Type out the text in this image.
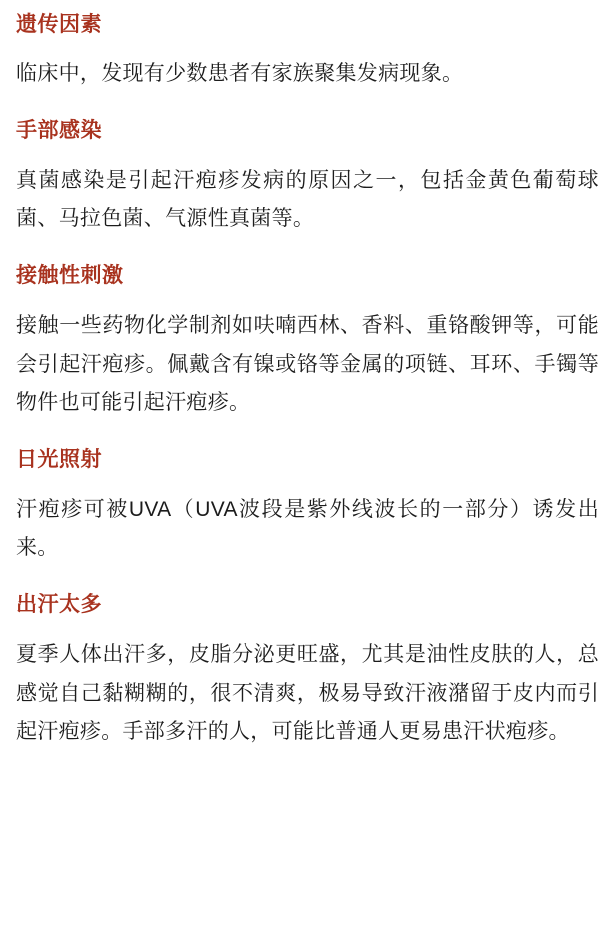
遗传因素

临床中，发现有少数患者有家族聚集发病现象。

手部感染

真菌感染是引起汗疱疹发病的原因之一，包括金黄色葡萄球菌、马拉色菌、气源性真菌等。

接触性刺激

接触一些药物化学制剂如呋喃西林、香料、重铬酸钾等，可能会引起汗疱疹。佩戴含有镍或铬等金属的项链、耳环、手镯等物件也可能引起汗疱疹。

日光照射

汗疱疹可被UVA（UVA波段是紫外线波长的一部分）诱发出来。

出汗太多

夏季人体出汗多，皮脂分泌更旺盛，尤其是油性皮肤的人，总感觉自己黏糊糊的，很不清爽，极易导致汗液潴留于皮内而引起汗疱疹。手部多汗的人，可能比普通人更易患汗状疱疹。
